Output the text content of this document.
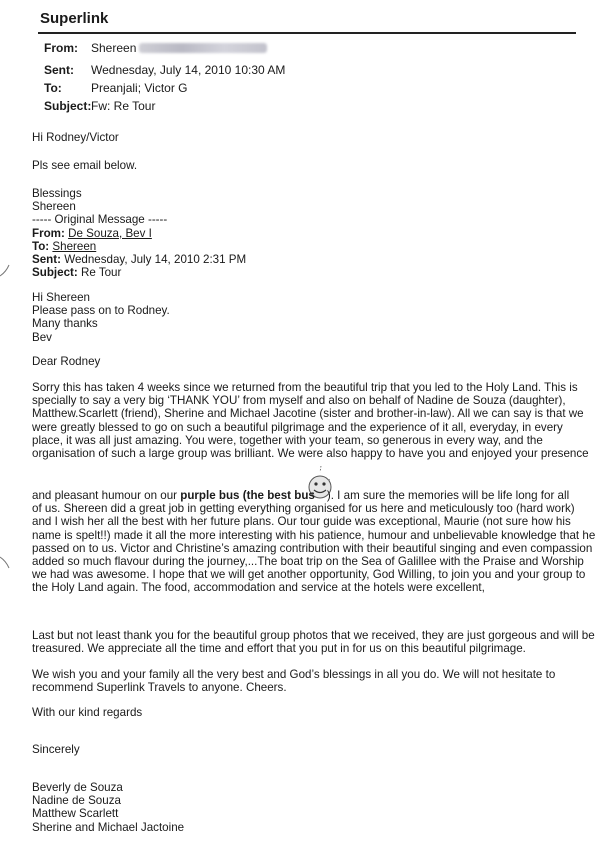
Superlink
From:	Shereen
Sent:	Wednesday, July 14, 2010 10:30 AM
To:	Preanjali; Victor G
Subject: Fw: Re Tour
Hi Rodney/Victor
Pls see email below.
Blessings
Shereen
----- Original Message -----
From: De Souza, Bev I
To: Shereen
Sent: Wednesday, July 14, 2010 2:31 PM
Subject: Re Tour
Hi Shereen
Please pass on to Rodney.
Many thanks
Bev
Dear Rodney
Sorry this has taken 4 weeks since we returned from the beautiful trip that you led to the Holy Land. This is
specially to say a very big ‘THANK YOU’ from myself and also on behalf of Nadine de Souza (daughter),
Matthew.Scarlett (friend), Sherine and Michael Jacotine (sister and brother-in-law). All we can say is that we
were greatly blessed to go on such a beautiful pilgrimage and the experience of it all, everyday, in every
place, it was all just amazing. You were, together with your team, so generous in every way, and the
organisation of such a large group was brilliant. We were also happy to have you and enjoyed your presence
and pleasant humour on our purple bus (the best bus ). I am sure the memories will be life long for all
of us. Shereen did a great job in getting everything organised for us here and meticulously too (hard work)
and I wish her all the best with her future plans. Our tour guide was exceptional, Maurie (not sure how his
name is spelt!!) made it all the more interesting with his patience, humour and unbelievable knowledge that he
passed on to us. Victor and Christine’s amazing contribution with their beautiful singing and even compassion
added so much flavour during the journey,...The boat trip on the Sea of Galillee with the Praise and Worship
we had was awesome. I hope that we will get another opportunity, God Willing, to join you and your group to
the Holy Land again. The food, accommodation and service at the hotels were excellent,
Last but not least thank you for the beautiful group photos that we received, they are just gorgeous and will be
treasured. We appreciate all the time and effort that you put in for us on this beautiful pilgrimage.
We wish you and your family all the very best and God’s blessings in all you do. We will not hesitate to
recommend Superlink Travels to anyone. Cheers.
With our kind regards
Sincerely
Beverly de Souza
Nadine de Souza
Matthew Scarlett
Sherine and Michael Jactoine
